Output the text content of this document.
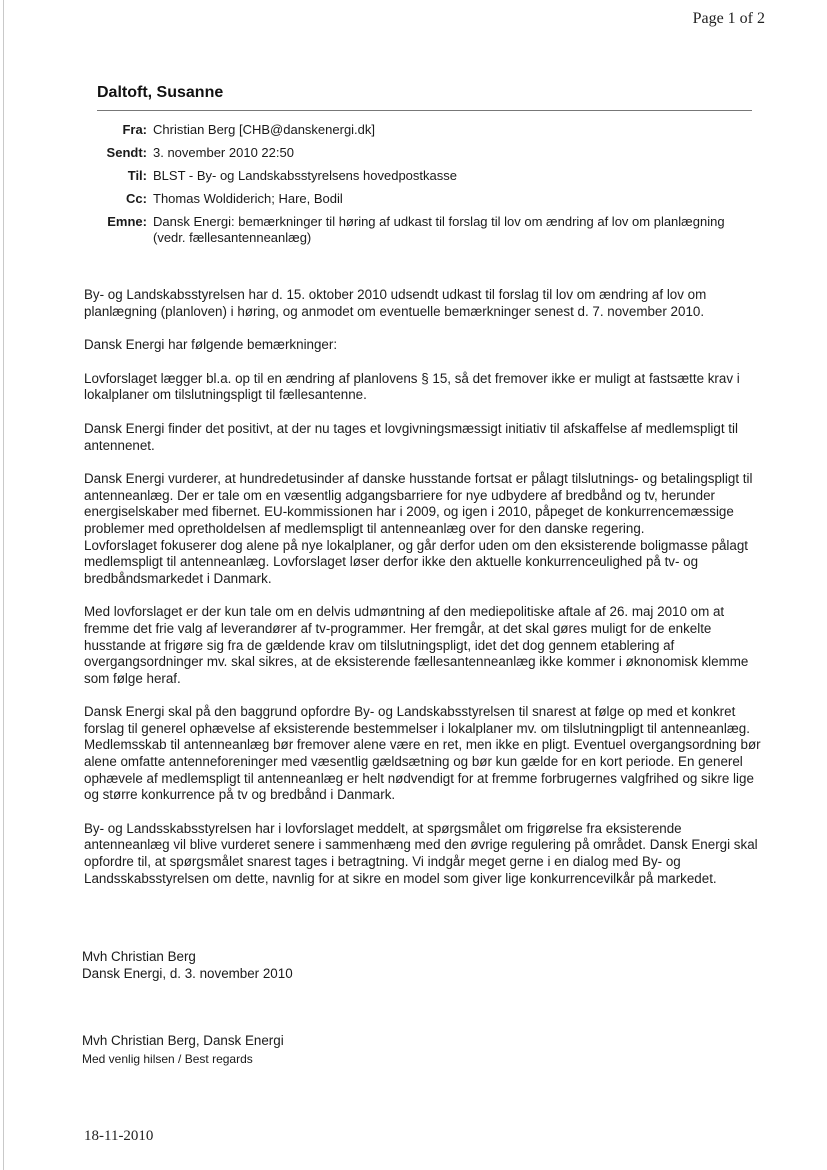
Page 1 of 2
Daltoft, Susanne
Fra: Christian Berg [CHB@danskenergi.dk]
Sendt: 3. november 2010 22:50
Til: BLST - By- og Landskabsstyrelsens hovedpostkasse
Cc: Thomas Woldiderich; Hare, Bodil
Emne: Dansk Energi: bemærkninger til høring af udkast til forslag til lov om ændring af lov om planlægning (vedr. fællesantenneanlæg)

By- og Landskabsstyrelsen har d. 15. oktober 2010 udsendt udkast til forslag til lov om ændring af lov om planlægning (planloven) i høring, og anmodet om eventuelle bemærkninger senest d. 7. november 2010.

Dansk Energi har følgende bemærkninger:

Lovforslaget lægger bl.a. op til en ændring af planlovens § 15, så det fremover ikke er muligt at fastsætte krav i lokalplaner om tilslutningspligt til fællesantenne.

Dansk Energi finder det positivt, at der nu tages et lovgivningsmæssigt initiativ til afskaffelse af medlemspligt til antennenet.

Dansk Energi vurderer, at hundredetusinder af danske husstande fortsat er pålagt tilslutnings- og betalingspligt til antenneanlæg. Der er tale om en væsentlig adgangsbarriere for nye udbydere af bredbånd og tv, herunder energiselskaber med fibernet. EU-kommissionen har i 2009, og igen i 2010, påpeget de konkurrencemæssige problemer med opretholdelsen af medlemspligt til antenneanlæg over for den danske regering.

Lovforslaget fokuserer dog alene på nye lokalplaner, og går derfor uden om den eksisterende boligmasse pålagt medlemspligt til antenneanlæg. Lovforslaget løser derfor ikke den aktuelle konkurrenceulighed på tv- og bredbåndsmarkedet i Danmark.

Med lovforslaget er der kun tale om en delvis udmøntning af den mediepolitiske aftale af 26. maj 2010 om at fremme det frie valg af leverandører af tv-programmer. Her fremgår, at det skal gøres muligt for de enkelte husstande at frigøre sig fra de gældende krav om tilslutningspligt, idet det dog gennem etablering af overgangsordninger mv. skal sikres, at de eksisterende fællesantenneanlæg ikke kommer i øknonomisk klemme som følge heraf.

Dansk Energi skal på den baggrund opfordre By- og Landskabsstyrelsen til snarest at følge op med et konkret forslag til generel ophævelse af eksisterende bestemmelser i lokalplaner mv. om tilslutningpligt til antenneanlæg.

Medlemsskab til antenneanlæg bør fremover alene være en ret, men ikke en pligt. Eventuel overgangsordning bør alene omfatte antenneforeninger med væsentlig gældsætning og bør kun gælde for en kort periode. En generel ophævele af medlemspligt til antenneanlæg er helt nødvendigt for at fremme forbrugernes valgfrihed og sikre lige og større konkurrence på tv og bredbånd i Danmark.

By- og Landsskabsstyrelsen har i lovforslaget meddelt, at spørgsmålet om frigørelse fra eksisterende antenneanlæg vil blive vurderet senere i sammenhæng med den øvrige regulering på området. Dansk Energi skal opfordre til, at spørgsmålet snarest tages i betragtning. Vi indgår meget gerne i en dialog med By- og Landsskabsstyrelsen om dette, navnlig for at sikre en model som giver lige konkurrencevilkår på markedet.

Mvh Christian Berg
Dansk Energi, d. 3. november 2010
Mvh Christian Berg, Dansk Energi
Med venlig hilsen / Best regards
18-11-2010
